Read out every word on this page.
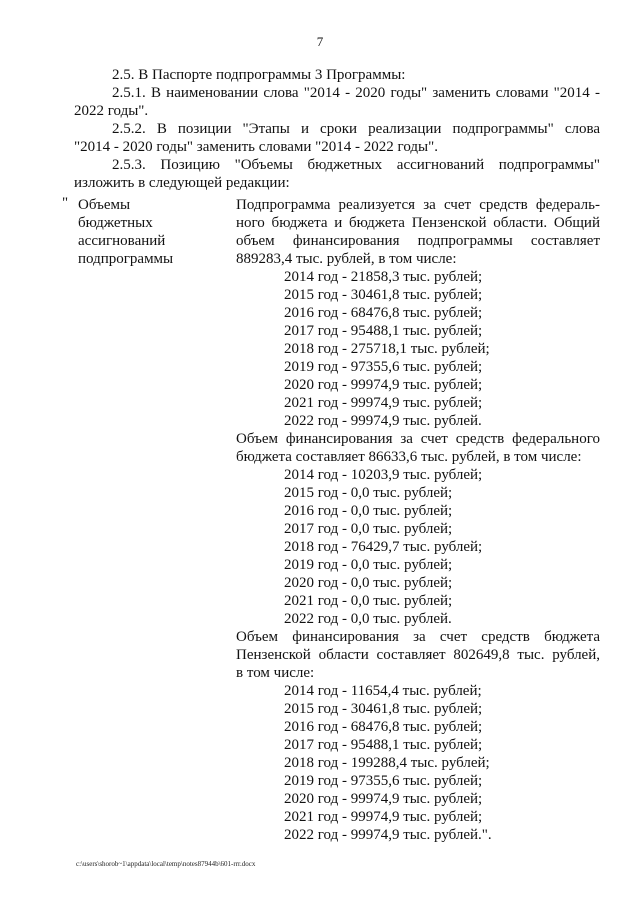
7
2.5. В Паспорте подпрограммы 3 Программы:
2.5.1. В наименовании слова "2014 - 2020 годы" заменить словами "2014 -
2022 годы".
2.5.2. В позиции "Этапы и сроки реализации подпрограммы" слова
"2014 - 2020 годы" заменить словами "2014 - 2022 годы".
2.5.3. Позицию "Объемы бюджетных ассигнований подпрограммы"
изложить в следующей редакции:
" Объемы
бюджетных
ассигнований
подпрограммы
Подпрограмма реализуется за счет средств федераль-
ного бюджета и бюджета Пензенской области. Общий
объем финансирования подпрограммы составляет
889283,4 тыс. рублей, в том числе:
2014 год - 21858,3 тыс. рублей;
2015 год - 30461,8 тыс. рублей;
2016 год - 68476,8 тыс. рублей;
2017 год - 95488,1 тыс. рублей;
2018 год - 275718,1 тыс. рублей;
2019 год - 97355,6 тыс. рублей;
2020 год - 99974,9 тыс. рублей;
2021 год - 99974,9 тыс. рублей;
2022 год - 99974,9 тыс. рублей.
Объем финансирования за счет средств федерального
бюджета составляет 86633,6 тыс. рублей, в том числе:
2014 год - 10203,9 тыс. рублей;
2015 год - 0,0 тыс. рублей;
2016 год - 0,0 тыс. рублей;
2017 год - 0,0 тыс. рублей;
2018 год - 76429,7 тыс. рублей;
2019 год - 0,0 тыс. рублей;
2020 год - 0,0 тыс. рублей;
2021 год - 0,0 тыс. рублей;
2022 год - 0,0 тыс. рублей.
Объем финансирования за счет средств бюджета
Пензенской области составляет 802649,8 тыс. рублей,
в том числе:
2014 год - 11654,4 тыс. рублей;
2015 год - 30461,8 тыс. рублей;
2016 год - 68476,8 тыс. рублей;
2017 год - 95488,1 тыс. рублей;
2018 год - 199288,4 тыс. рублей;
2019 год - 97355,6 тыс. рублей;
2020 год - 99974,9 тыс. рублей;
2021 год - 99974,9 тыс. рублей;
2022 год - 99974,9 тыс. рублей.".
c:\users\shorob~1\appdata\local\temp\notes87944b\601-rrr.docx
